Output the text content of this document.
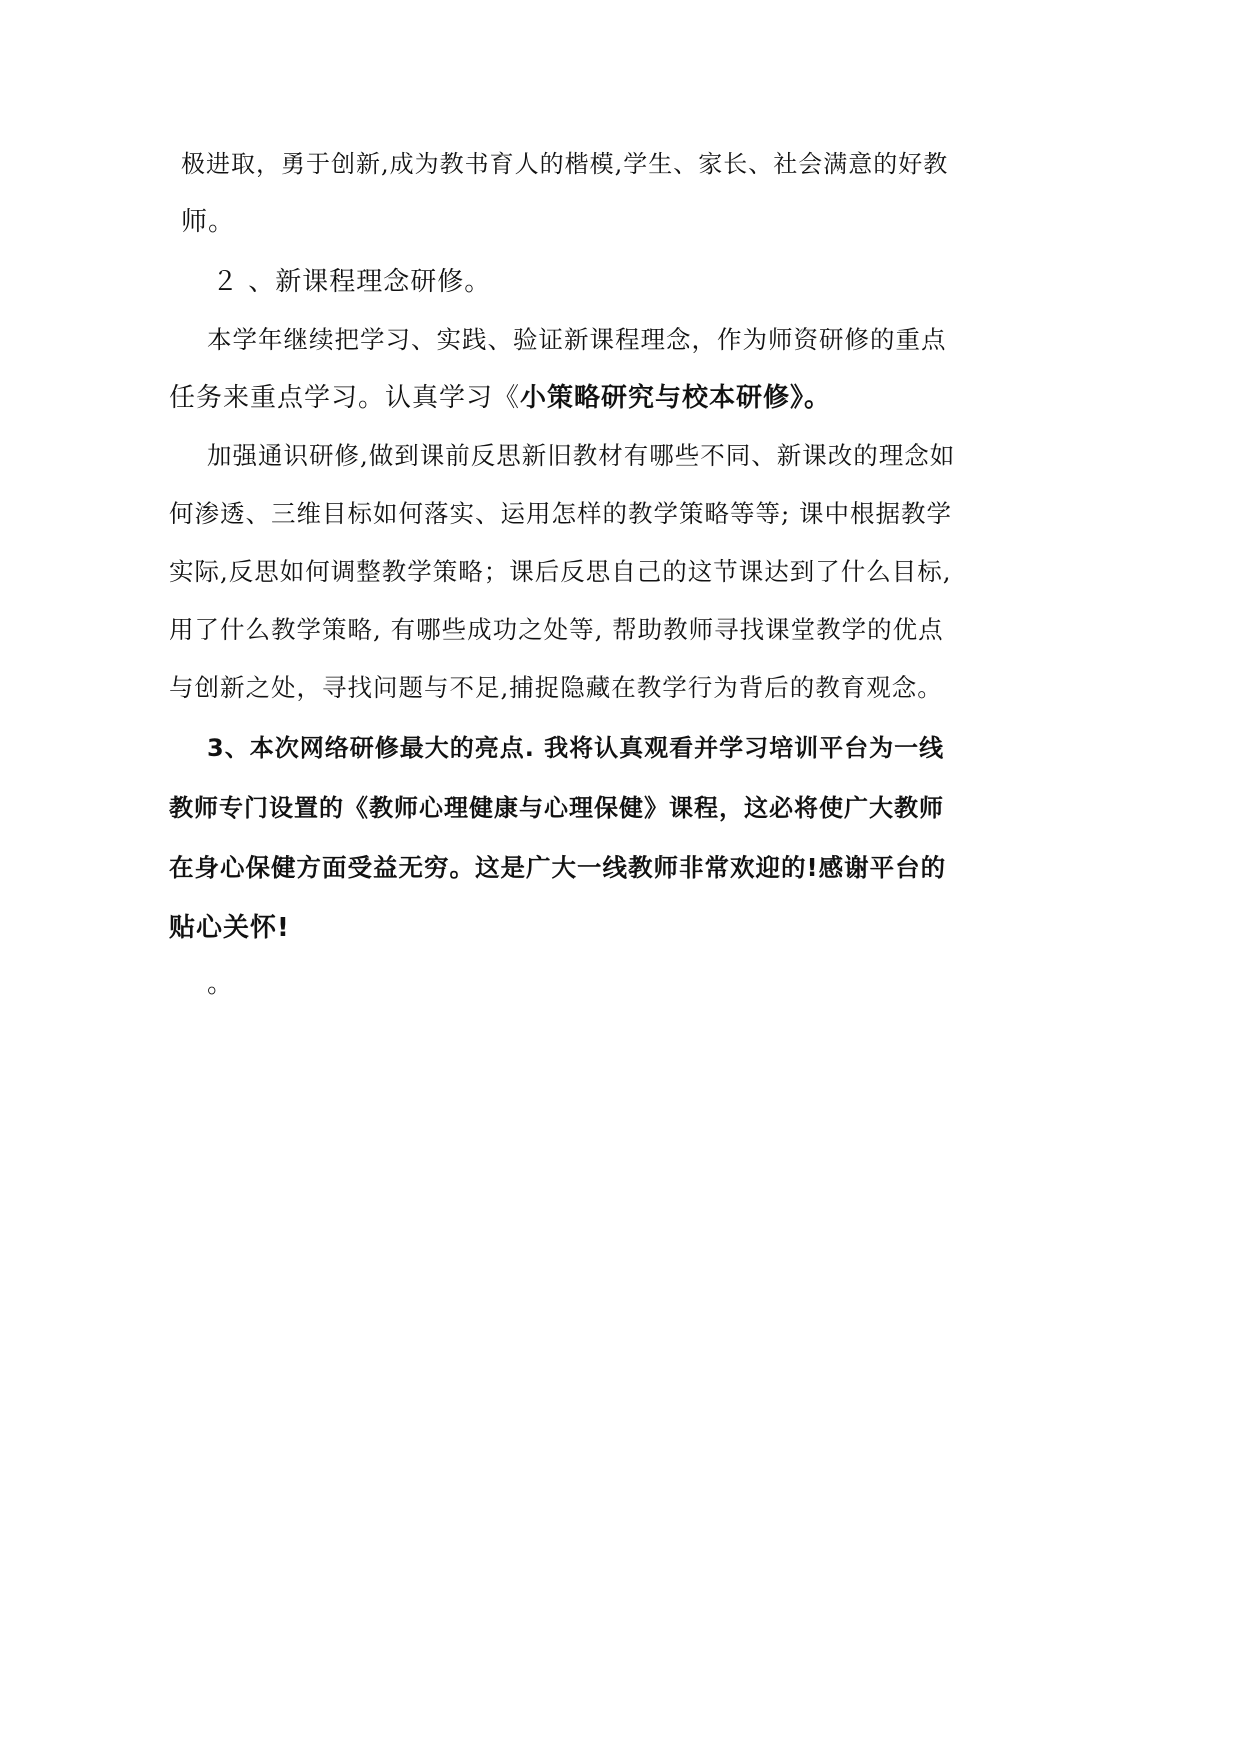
极进取，勇于创新,成为教书育人的楷模,学生、家长、社会满意的好教
师。
２ 、新课程理念研修。
本学年继续把学习、实践、验证新课程理念，作为师资研修的重点
任务来重点学习。认真学习《小策略研究与校本研修》。
加强通识研修,做到课前反思新旧教材有哪些不同、新课改的理念如
何渗透、三维目标如何落实、运用怎样的教学策略等等; 课中根据教学
实际,反思如何调整教学策略；课后反思自己的这节课达到了什么目标,
用了什么教学策略, 有哪些成功之处等, 帮助教师寻找课堂教学的优点
与创新之处，寻找问题与不足,捕捉隐藏在教学行为背后的教育观念。
3、本次网络研修最大的亮点. 我将认真观看并学习培训平台为一线
教师专门设置的《教师心理健康与心理保健》课程，这必将使广大教师
在身心保健方面受益无穷。这是广大一线教师非常欢迎的!感谢平台的
贴心关怀!
。
